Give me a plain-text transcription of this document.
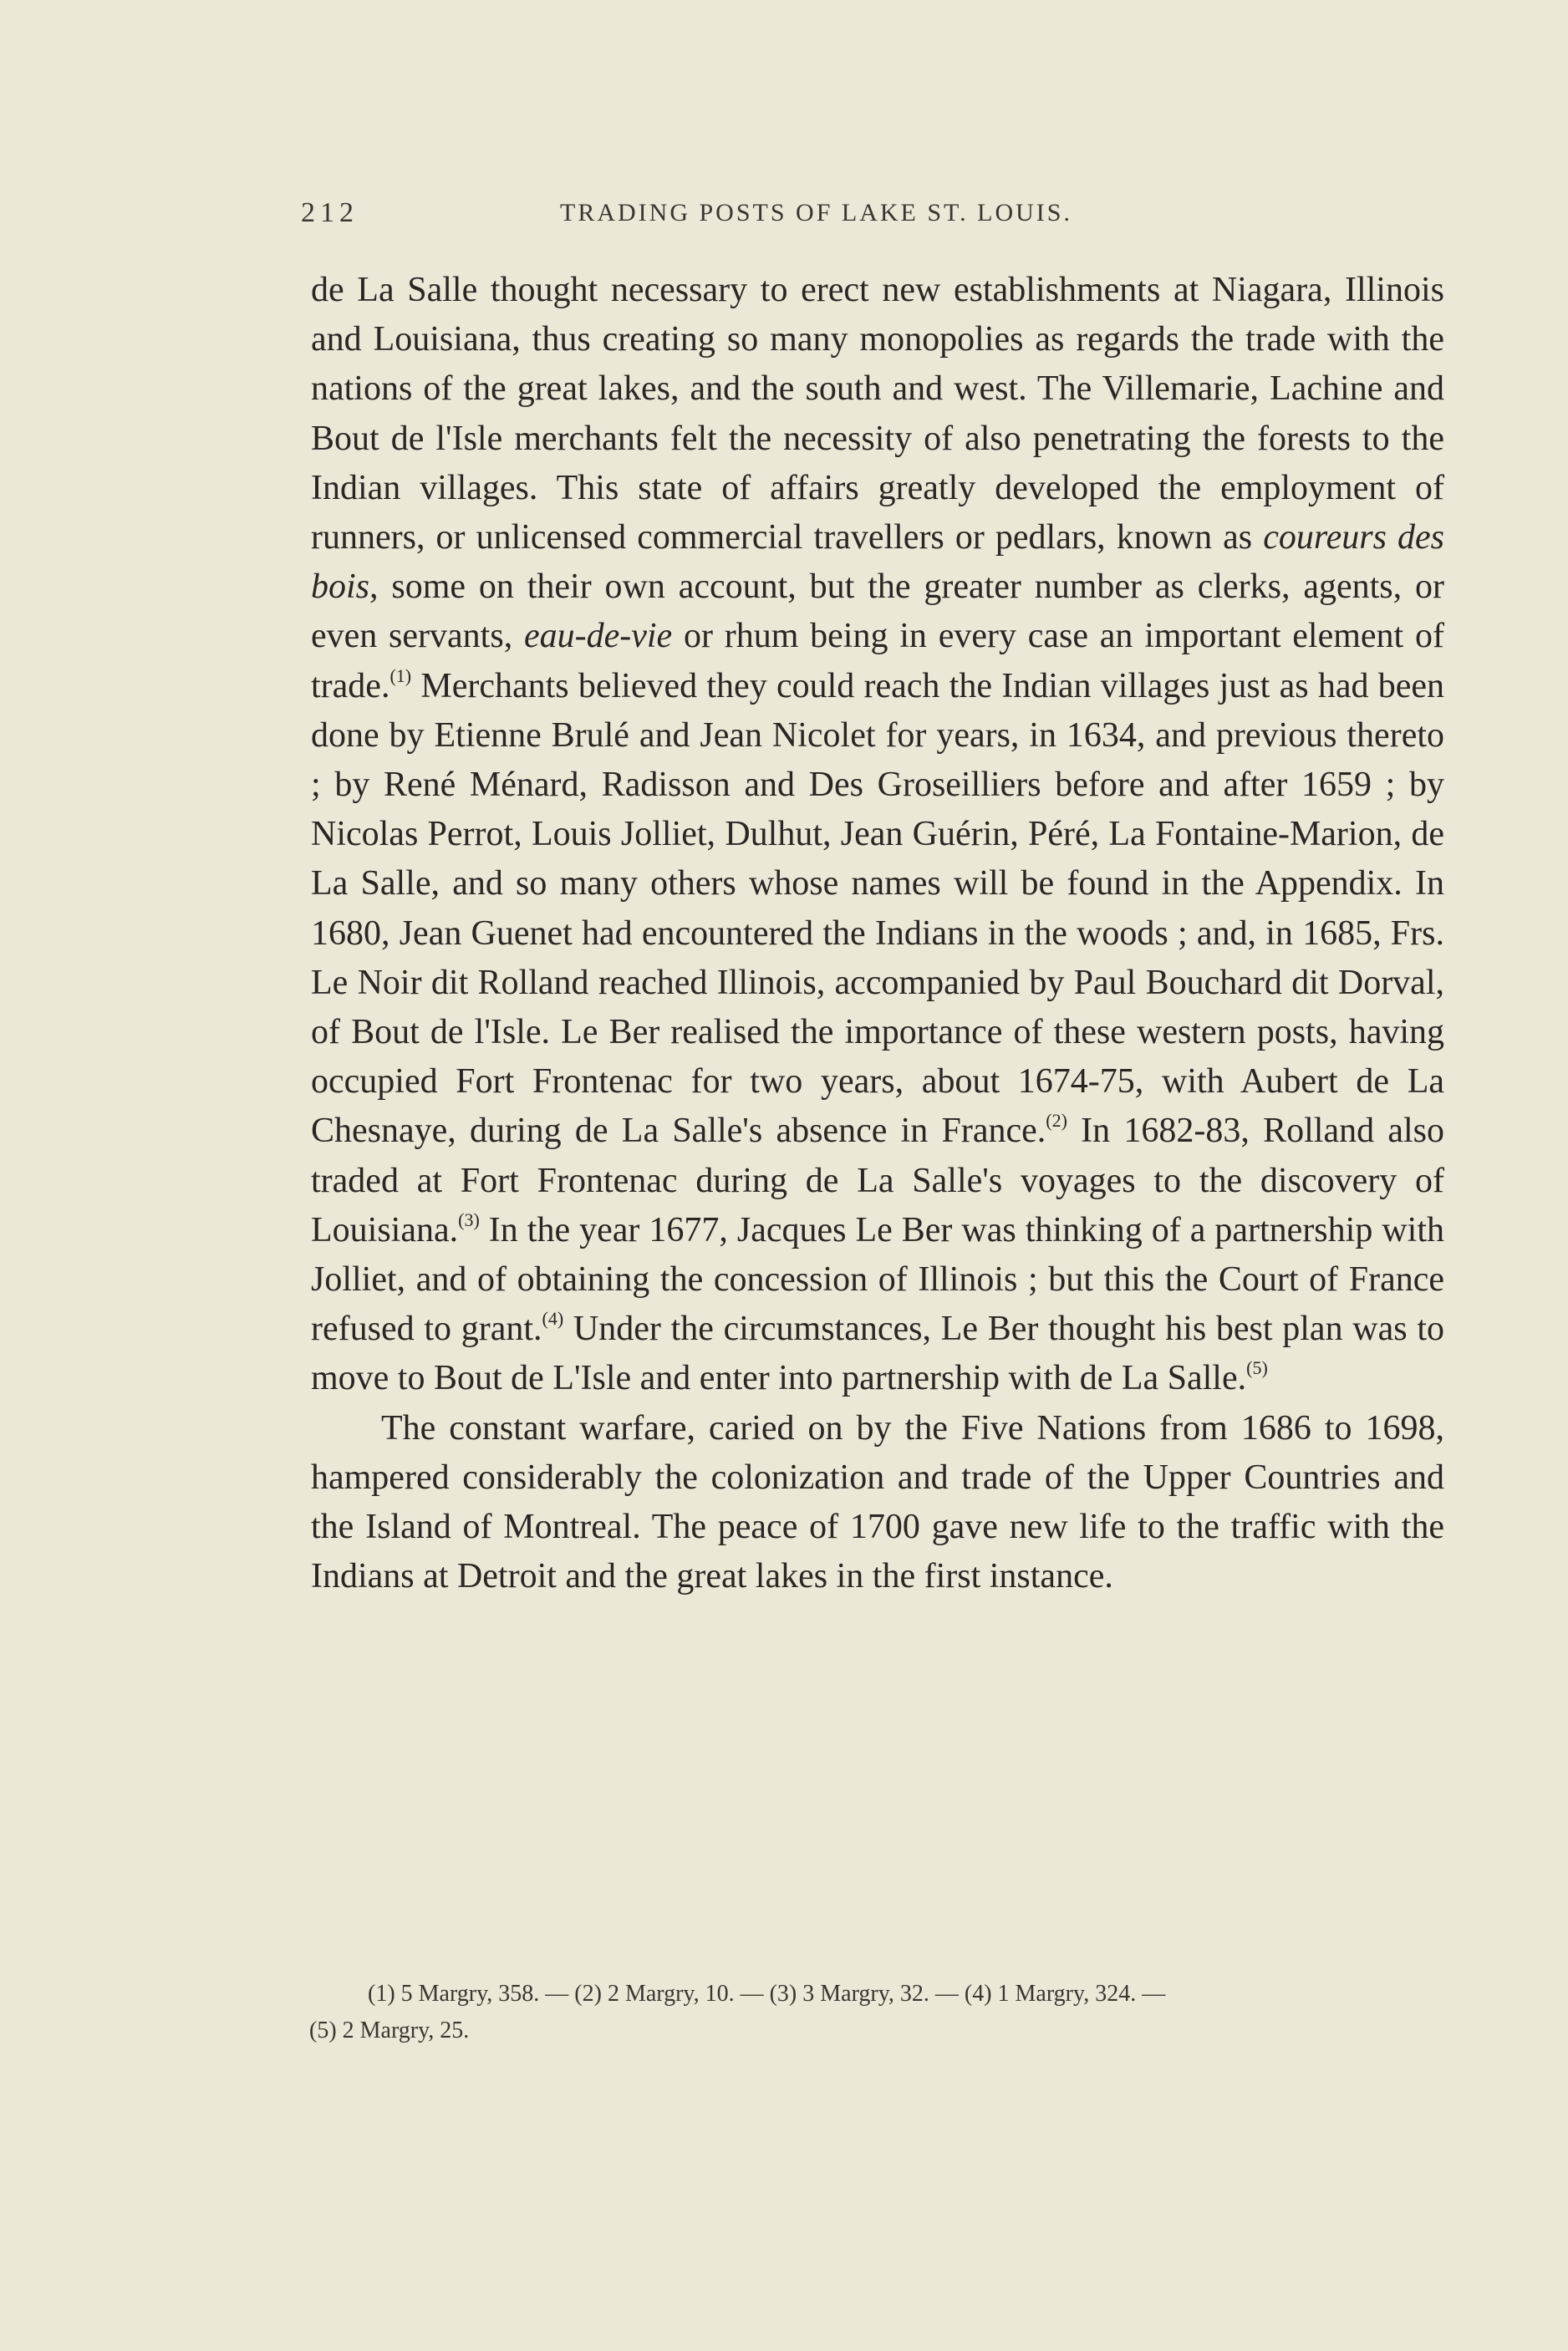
212	TRADING POSTS OF LAKE ST. LOUIS.

de La Salle thought necessary to erect new establishments at Niagara, Illinois and Louisiana, thus creating so many monopolies as regards the trade with the nations of the great lakes, and the south and west. The Villemarie, Lachine and Bout de l'Isle merchants felt the necessity of also penetrating the forests to the Indian villages. This state of affairs greatly developed the employment of runners, or unlicensed commercial travellers or pedlars, known as coureurs des bois, some on their own account, but the greater number as clerks, agents, or even servants, eau-de-vie or rhum being in every case an important element of trade.$^{(1)}$ Merchants believed they could reach the Indian villages just as had been done by Etienne Brulé and Jean Nicolet for years, in 1634, and previous thereto ; by René Ménard, Radisson and Des Groseilliers before and after 1659 ; by Nicolas Perrot, Louis Jolliet, Dulhut, Jean Guérin, Péré, La Fontaine-Marion, de La Salle, and so many others whose names will be found in the Appendix. In 1680, Jean Guenet had encountered the Indians in the woods ; and, in 1685, Frs. Le Noir dit Rolland reached Illinois, accompanied by Paul Bouchard dit Dorval, of Bout de l'Isle. Le Ber realised the importance of these western posts, having occupied Fort Frontenac for two years, about 1674-75, with Aubert de La Chesnaye, during de La Salle's absence in France.$^{(2)}$ In 1682-83, Rolland also traded at Fort Frontenac during de La Salle's voyages to the discovery of Louisiana.$^{(3)}$ In the year 1677, Jacques Le Ber was thinking of a partnership with Jolliet, and of obtaining the concession of Illinois ; but this the Court of France refused to grant.$^{(4)}$ Under the circumstances, Le Ber thought his best plan was to move to Bout de L'Isle and enter into partnership with de La Salle.$^{(5)}$

The constant warfare, caried on by the Five Nations from 1686 to 1698, hampered considerably the colonization and trade of the Upper Countries and the Island of Montreal. The peace of 1700 gave new life to the traffic with the Indians at Detroit and the great lakes in the first instance.

(1) 5 Margry, 358. — (2) 2 Margry, 10. — (3) 3 Margry, 32. — (4) 1 Margry, 324. —

(5) 2 Margry, 25.
